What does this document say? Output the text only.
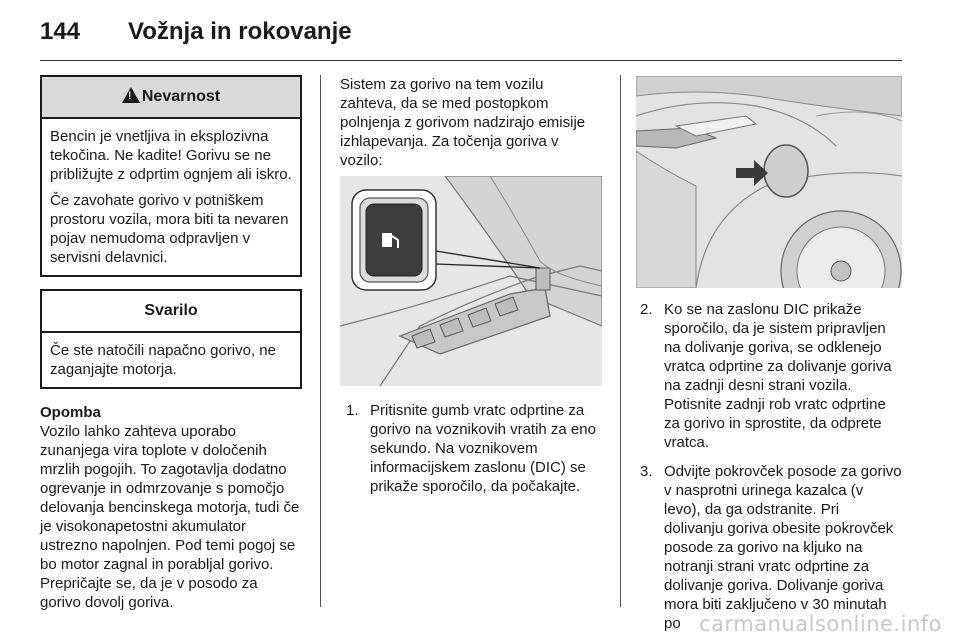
144	Vožnja in rokovanje
!Nevarnost

Bencin je vnetljiva in eksplozivna tekočina. Ne kadite! Gorivu se ne približujte z odprtim ognjem ali iskro.

Če zavohate gorivo v potniškem prostoru vozila, mora biti ta nevaren pojav nemudoma odpravljen v servisni delavnici.

Svarilo

Če ste natočili napačno gorivo, ne zaganjajte motorja.

Opomba

Vozilo lahko zahteva uporabo zunanjega vira toplote v določenih mrzlih pogojih. To zagotavlja dodatno ogrevanje in odmrzovanje s pomočjo delovanja bencinskega motorja, tudi če je visokonapetostni akumulator ustrezno napolnjen. Pod temi pogoj se bo motor zagnal in porabljal gorivo. Prepričajte se, da je v posodo za gorivo dovolj goriva.

Sistem za gorivo na tem vozilu zahteva, da se med postopkom polnjenja z gorivom nadzirajo emisije izhlapevanja. Za točenja goriva v vozilo:

1. Pritisnite gumb vratc odprtine za gorivo na voznikovih vratih za eno sekundo. Na voznikovem informacijskem zaslonu (DIC) se prikaže sporočilo, da počakajte.
2. Ko se na zaslonu DIC prikaže sporočilo, da je sistem pripravljen na dolivanje goriva, se odklenejo vratca odprtine za dolivanje goriva na zadnji desni strani vozila. Potisnite zadnji rob vratc odprtine za gorivo in sprostite, da odprete vratca.
3. Odvijte pokrovček posode za gorivo v nasprotni urinega kazalca (v levo), da ga odstranite. Pri dolivanju goriva obesite pokrovček posode za gorivo na kljuko na notranji strani vratc odprtine za dolivanje goriva. Dolivanje goriva mora biti zaključeno v 30 minutah po carmanualsonline.info
